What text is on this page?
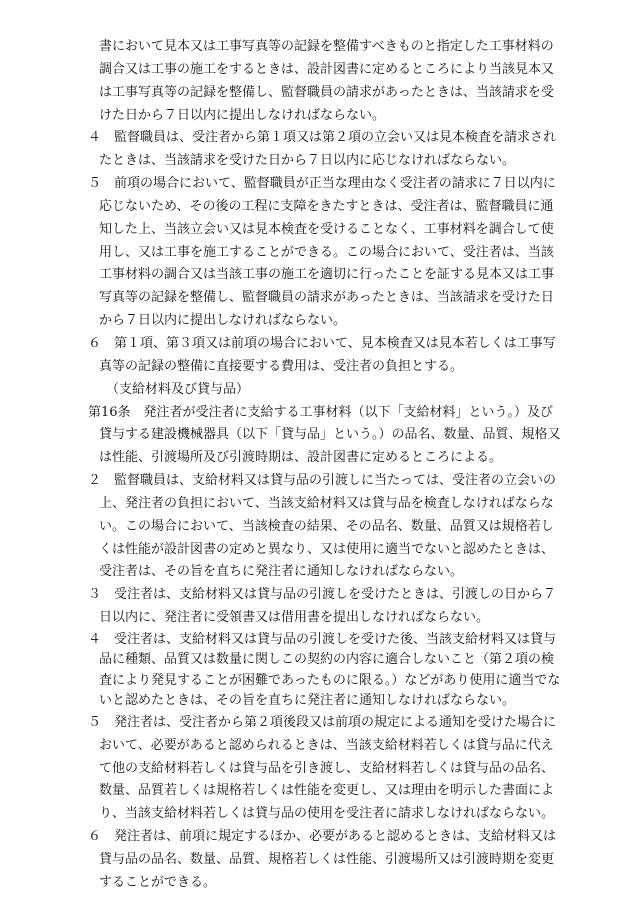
書において見本又は工事写真等の記録を整備すべきものと指定した工事材料の
調合又は工事の施工をするときは、設計図書に定めるところにより当該見本又
は工事写真等の記録を整備し、監督職員の請求があったときは、当該請求を受
けた日から７日以内に提出しなければならない。
４　監督職員は、受注者から第１項又は第２項の立会い又は見本検査を請求され
たときは、当該請求を受けた日から７日以内に応じなければならない。
５　前項の場合において、監督職員が正当な理由なく受注者の請求に７日以内に
応じないため、その後の工程に支障をきたすときは、受注者は、監督職員に通
知した上、当該立会い又は見本検査を受けることなく、工事材料を調合して使
用し、又は工事を施工することができる。この場合において、受注者は、当該
工事材料の調合又は当該工事の施工を適切に行ったことを証する見本又は工事
写真等の記録を整備し、監督職員の請求があったときは、当該請求を受けた日
から７日以内に提出しなければならない。
６　第１項、第３項又は前項の場合において、見本検査又は見本若しくは工事写
真等の記録の整備に直接要する費用は、受注者の負担とする。
（支給材料及び貸与品）
第16条　発注者が受注者に支給する工事材料（以下「支給材料」という。）及び
貸与する建設機械器具（以下「貸与品」という。）の品名、数量、品質、規格又
は性能、引渡場所及び引渡時期は、設計図書に定めるところによる。
２　監督職員は、支給材料又は貸与品の引渡しに当たっては、受注者の立会いの
上、発注者の負担において、当該支給材料又は貸与品を検査しなければならな
い。この場合において、当該検査の結果、その品名、数量、品質又は規格若し
くは性能が設計図書の定めと異なり、又は使用に適当でないと認めたときは、
受注者は、その旨を直ちに発注者に通知しなければならない。
３　受注者は、支給材料又は貸与品の引渡しを受けたときは、引渡しの日から７
日以内に、発注者に受領書又は借用書を提出しなければならない。
４　受注者は、支給材料又は貸与品の引渡しを受けた後、当該支給材料又は貸与
品に種類、品質又は数量に関しこの契約の内容に適合しないこと（第２項の検
査により発見することが困難であったものに限る。）などがあり使用に適当でな
いと認めたときは、その旨を直ちに発注者に通知しなければならない。
５　発注者は、受注者から第２項後段又は前項の規定による通知を受けた場合に
おいて、必要があると認められるときは、当該支給材料若しくは貸与品に代え
て他の支給材料若しくは貸与品を引き渡し、支給材料若しくは貸与品の品名、
数量、品質若しくは規格若しくは性能を変更し、又は理由を明示した書面によ
り、当該支給材料若しくは貸与品の使用を受注者に請求しなければならない。
６　発注者は、前項に規定するほか、必要があると認めるときは、支給材料又は
貸与品の品名、数量、品質、規格若しくは性能、引渡場所又は引渡時期を変更
することができる。
